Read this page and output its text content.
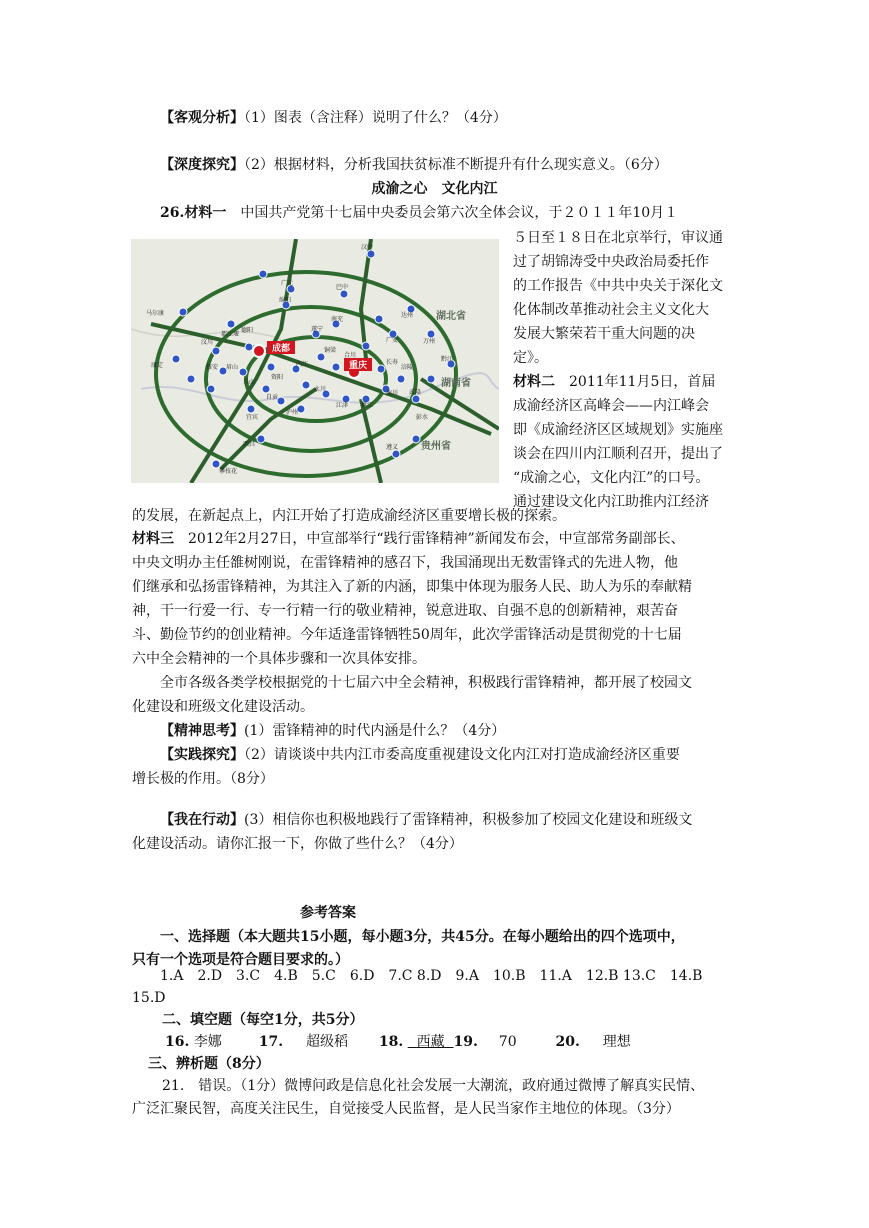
【客观分析】（1）图表（含注释）说明了什么？（4分）
【深度探究】（2）根据材料，分析我国扶贫标准不断提升有什么现实意义。（6分）
成渝之心　文化内江
26.材料一　中国共产党第十七届中央委员会第六次全体会议，于２０１１年10月１
成都
重庆
湖北省
湖南省
贵州省
汉中
广元
巴中
达州
万州
南充
绵阳
德阳	遂宁
广安
内江
自贡
泸州
宜宾
乐山
雅安 眉山
资阳
西昌
攀枝花
遵义
黔江
涪陵
长寿
铜梁
合川
永川
江津 綦江
南川 武隆
彭水
汶川
马尔康
康定
都江堰
５日至１８日在北京举行，审议通
过了胡锦涛受中央政治局委托作
的工作报告《中共中央关于深化文
化体制改革推动社会主义文化大
发展大繁荣若干重大问题的决
定》。
材料二　2011年11月5日，首届
成渝经济区高峰会——内江峰会
即《成渝经济区区域规划》实施座
谈会在四川内江顺利召开，提出了
“成渝之心，文化内江”的口号。
通过建设文化内江助推内江经济
的发展，在新起点上，内江开始了打造成渝经济区重要增长极的探索。
材料三　2012年2月27日，中宣部举行“践行雷锋精神”新闻发布会，中宣部常务副部长、
中央文明办主任雒树刚说，在雷锋精神的感召下，我国涌现出无数雷锋式的先进人物，他
们继承和弘扬雷锋精神，为其注入了新的内涵，即集中体现为服务人民、助人为乐的奉献精
神，干一行爱一行、专一行精一行的敬业精神，锐意进取、自强不息的创新精神，艰苦奋
斗、勤俭节约的创业精神。今年适逢雷锋牺牲50周年，此次学雷锋活动是贯彻党的十七届
六中全会精神的一个具体步骤和一次具体安排。
　　全市各级各类学校根据党的十七届六中全会精神，积极践行雷锋精神，都开展了校园文
化建设和班级文化建设活动。
【精神思考】(1）雷锋精神的时代内涵是什么？（4分）
【实践探究】（2）请谈谈中共内江市委高度重视建设文化内江对打造成渝经济区重要
增长极的作用。（8分）
【我在行动】(3）相信你也积极地践行了雷锋精神，积极参加了校园文化建设和班级文
化建设活动。请你汇报一下，你做了些什么？（4分）
参考答案
一、选择题（本大题共15小题，每小题3分，共45分。在每小题给出的四个选项中，
只有一个选项是符合题目要求的。）
1.A　2.D　3.C　4.B　5.C　6.D　7.C 8.D　9.A　10.B　11.A　12.B 13.C　14.B
15.D
二、填空题（每空1分，共5分）
16. 李娜	17. 超级稻 18. 西藏 19. 70	20. 理想
三、辨析题（8分）
21.　错误。（1分）微博问政是信息化社会发展一大潮流，政府通过微博了解真实民情、
广泛汇聚民智，高度关注民生，自觉接受人民监督，是人民当家作主地位的体现。（3分）
